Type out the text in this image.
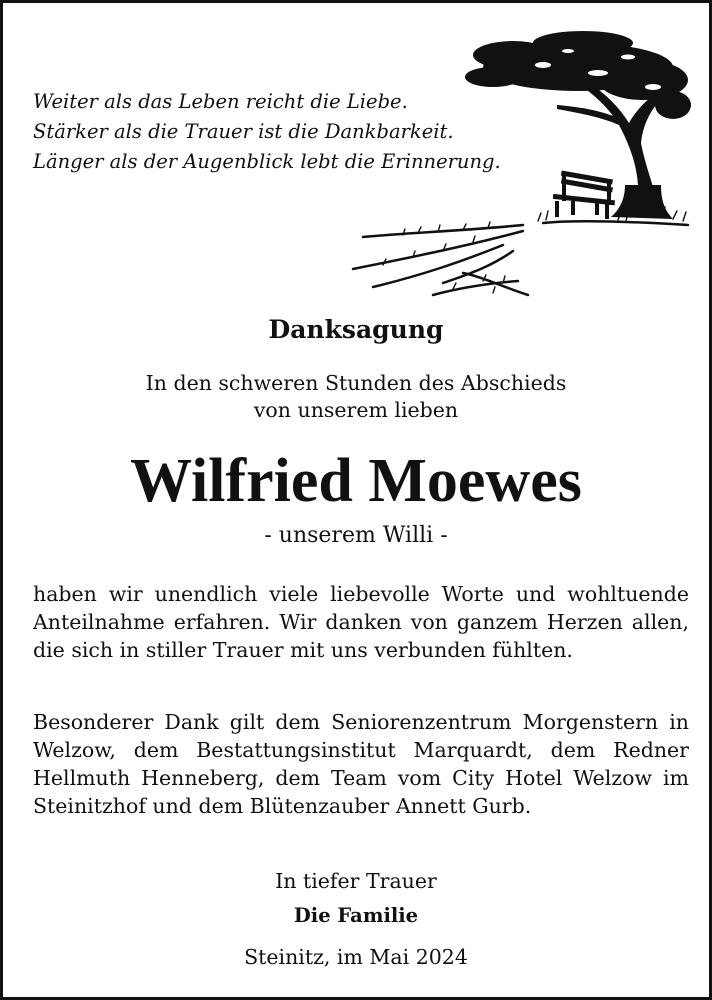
Weiter als das Leben reicht die Liebe.
Stärker als die Trauer ist die Dankbarkeit.
Länger als der Augenblick lebt die Erinnerung.
Danksagung
In den schweren Stunden des Abschieds
von unserem lieben
Wilfried Moewes
- unserem Willi -
haben wir unendlich viele liebevolle Worte und wohltuende Anteilnahme erfahren. Wir danken von ganzem Herzen allen, die sich in stiller Trauer mit uns verbunden fühlten.
Besonderer Dank gilt dem Seniorenzentrum Morgenstern in Welzow, dem Bestattungsinstitut Marquardt, dem Redner Hellmuth Henneberg, dem Team vom City Hotel Welzow im Steinitzhof und dem Blütenzauber Annett Gurb.
In tiefer Trauer
Die Familie
Steinitz, im Mai 2024
